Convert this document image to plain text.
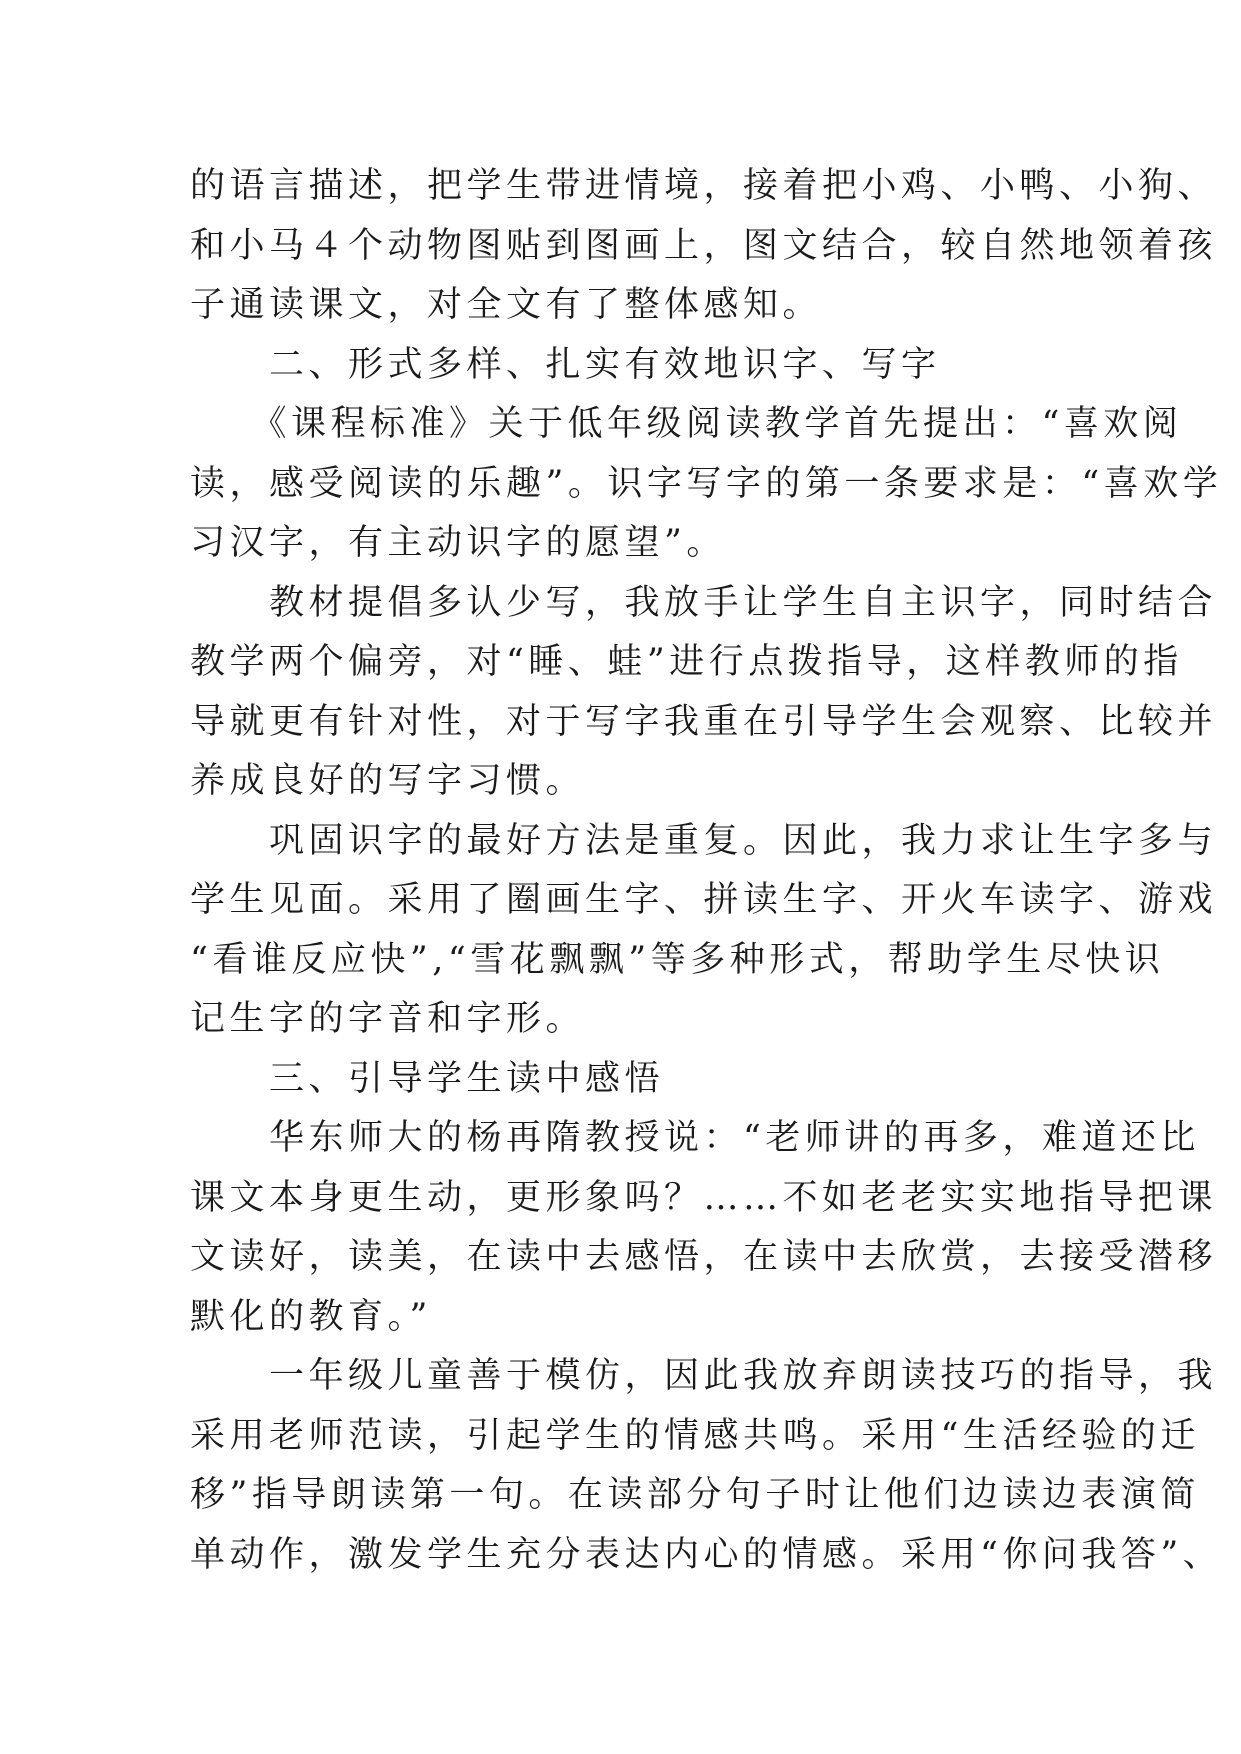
的语言描述，把学生带进情境，接着把小鸡、小鸭、小狗、
和小马４个动物图贴到图画上，图文结合，较自然地领着孩
子通读课文，对全文有了整体感知。
　　二、形式多样、扎实有效地识字、写字
　　《课程标准》关于低年级阅读教学首先提出：“喜欢阅
读，感受阅读的乐趣”。识字写字的第一条要求是：“喜欢学
习汉字，有主动识字的愿望”。
　　教材提倡多认少写，我放手让学生自主识字，同时结合
教学两个偏旁，对“睡、蛙”进行点拨指导，这样教师的指
导就更有针对性，对于写字我重在引导学生会观察、比较并
养成良好的写字习惯。
　　巩固识字的最好方法是重复。因此，我力求让生字多与
学生见面。采用了圈画生字、拼读生字、开火车读字、游戏
“看谁反应快”,“雪花飘飘”等多种形式，帮助学生尽快识
记生字的字音和字形。
　　三、引导学生读中感悟
　　华东师大的杨再隋教授说：“老师讲的再多，难道还比
课文本身更生动，更形象吗？……不如老老实实地指导把课
文读好，读美，在读中去感悟，在读中去欣赏，去接受潜移
默化的教育。”
　　一年级儿童善于模仿，因此我放弃朗读技巧的指导，我
采用老师范读，引起学生的情感共鸣。采用“生活经验的迁
移”指导朗读第一句。在读部分句子时让他们边读边表演简
单动作，激发学生充分表达内心的情感。采用“你问我答”、
